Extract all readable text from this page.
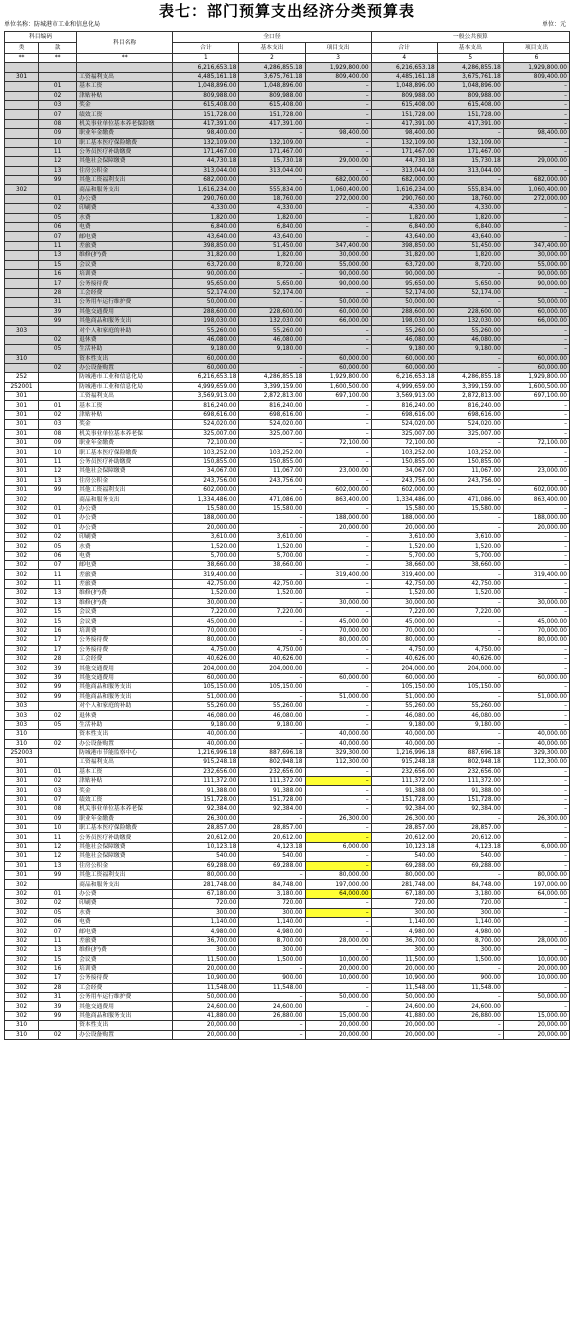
表七：部门预算支出经济分类预算表
单位名称：防城港市工业和信息化局	单位：元
科目编码		科目名称	全口径			一般公共预算		
类	款		合计	基本支出	项目支出	合计	基本支出	项目支出
**	**	**	1	2	3	4	5	6
			6,216,653.18	4,286,855.18	1,929,800.00	6,216,653.18	4,286,855.18	1,929,800.00
301		工资福利支出	4,485,161.18	3,675,761.18	809,400.00	4,485,161.18	3,675,761.18	809,400.00
	01	基本工资	1,048,896.00	1,048,896.00	–	1,048,896.00	1,048,896.00	–
	02	津贴补贴	809,988.00	809,988.00	–	809,988.00	809,988.00	–
	03	奖金	615,408.00	615,408.00	–	615,408.00	615,408.00	–
	07	绩效工资	151,728.00	151,728.00	–	151,728.00	151,728.00	–
	08	机关事业单位基本养老保险缴	417,391.00	417,391.00	–	417,391.00	417,391.00	–
	09	职业年金缴费	98,400.00	–	98,400.00	98,400.00	–	98,400.00
	10	职工基本医疗保险缴费	132,109.00	132,109.00	–	132,109.00	132,109.00	–
	11	公务员医疗补助缴费	171,467.00	171,467.00	–	171,467.00	171,467.00	–
	12	其他社会保障缴费	44,730.18	15,730.18	29,000.00	44,730.18	15,730.18	29,000.00
	13	住房公积金	313,044.00	313,044.00	–	313,044.00	313,044.00	–
	99	其他工资福利支出	682,000.00	–	682,000.00	682,000.00	–	682,000.00
302		商品和服务支出	1,616,234.00	555,834.00	1,060,400.00	1,616,234.00	555,834.00	1,060,400.00
	01	办公费	290,760.00	18,760.00	272,000.00	290,760.00	18,760.00	272,000.00
	02	印刷费	4,330.00	4,330.00	–	4,330.00	4,330.00	–
	05	水费	1,820.00	1,820.00	–	1,820.00	1,820.00	–
	06	电费	6,840.00	6,840.00	–	6,840.00	6,840.00	–
	07	邮电费	43,640.00	43,640.00	–	43,640.00	43,640.00	–
	11	差旅费	398,850.00	51,450.00	347,400.00	398,850.00	51,450.00	347,400.00
	13	维修(护)费	31,820.00	1,820.00	30,000.00	31,820.00	1,820.00	30,000.00
	15	会议费	63,720.00	8,720.00	55,000.00	63,720.00	8,720.00	55,000.00
	16	培训费	90,000.00	–	90,000.00	90,000.00	–	90,000.00
	17	公务接待费	95,650.00	5,650.00	90,000.00	95,650.00	5,650.00	90,000.00
	28	工会经费	52,174.00	52,174.00	–	52,174.00	52,174.00	–
	31	公务用车运行维护费	50,000.00	–	50,000.00	50,000.00	–	50,000.00
	39	其他交通费用	288,600.00	228,600.00	60,000.00	288,600.00	228,600.00	60,000.00
	99	其他商品和服务支出	198,030.00	132,030.00	66,000.00	198,030.00	132,030.00	66,000.00
303		对个人和家庭的补助	55,260.00	55,260.00	–	55,260.00	55,260.00	–
	02	退休费	46,080.00	46,080.00	–	46,080.00	46,080.00	–
	05	生活补助	9,180.00	9,180.00	–	9,180.00	9,180.00	–
310		资本性支出	60,000.00	–	60,000.00	60,000.00	–	60,000.00
	02	办公设备购置	60,000.00	–	60,000.00	60,000.00	–	60,000.00
252		防城港市工业和信息化局	6,216,653.18	4,286,855.18	1,929,800.00	6,216,653.18	4,286,855.18	1,929,800.00
252001		防城港市工业和信息化局	4,999,659.00	3,399,159.00	1,600,500.00	4,999,659.00	3,399,159.00	1,600,500.00
301		工资福利支出	3,569,913.00	2,872,813.00	697,100.00	3,569,913.00	2,872,813.00	697,100.00
301	01	基本工资	816,240.00	816,240.00	–	816,240.00	816,240.00	–
301	02	津贴补贴	698,616.00	698,616.00	–	698,616.00	698,616.00	–
301	03	奖金	524,020.00	524,020.00	–	524,020.00	524,020.00	–
301	08	机关事业单位基本养老保	325,007.00	325,007.00	–	325,007.00	325,007.00	–
301	09	职业年金缴费	72,100.00	–	72,100.00	72,100.00	–	72,100.00
301	10	职工基本医疗保险缴费	103,252.00	103,252.00	–	103,252.00	103,252.00	–
301	11	公务员医疗补助缴费	150,855.00	150,855.00	–	150,855.00	150,855.00	–
301	12	其他社会保障缴费	34,067.00	11,067.00	23,000.00	34,067.00	11,067.00	23,000.00
301	13	住房公积金	243,756.00	243,756.00	–	243,756.00	243,756.00	–
301	99	其他工资福利支出	602,000.00	–	602,000.00	602,000.00	–	602,000.00
302		商品和服务支出	1,334,486.00	471,086.00	863,400.00	1,334,486.00	471,086.00	863,400.00
302	01	办公费	15,580.00	15,580.00	–	15,580.00	15,580.00	–
302	01	办公费	188,000.00	–	188,000.00	188,000.00	–	188,000.00
302	01	办公费	20,000.00	–	20,000.00	20,000.00	–	20,000.00
302	02	印刷费	3,610.00	3,610.00	–	3,610.00	3,610.00	–
302	05	水费	1,520.00	1,520.00	–	1,520.00	1,520.00	–
302	06	电费	5,700.00	5,700.00	–	5,700.00	5,700.00	–
302	07	邮电费	38,660.00	38,660.00	–	38,660.00	38,660.00	–
302	11	差旅费	319,400.00	–	319,400.00	319,400.00	–	319,400.00
302	11	差旅费	42,750.00	42,750.00	–	42,750.00	42,750.00	–
302	13	维修(护)费	1,520.00	1,520.00	–	1,520.00	1,520.00	–
302	13	维修(护)费	30,000.00	–	30,000.00	30,000.00	–	30,000.00
302	15	会议费	7,220.00	7,220.00	–	7,220.00	7,220.00	–
302	15	会议费	45,000.00	–	45,000.00	45,000.00	–	45,000.00
302	16	培训费	70,000.00	–	70,000.00	70,000.00	–	70,000.00
302	17	公务接待费	80,000.00	–	80,000.00	80,000.00	–	80,000.00
302	17	公务接待费	4,750.00	4,750.00	–	4,750.00	4,750.00	–
302	28	工会经费	40,626.00	40,626.00	–	40,626.00	40,626.00	–
302	39	其他交通费用	204,000.00	204,000.00	–	204,000.00	204,000.00	–
302	39	其他交通费用	60,000.00	–	60,000.00	60,000.00	–	60,000.00
302	99	其他商品和服务支出	105,150.00	105,150.00	–	105,150.00	105,150.00	–
302	99	其他商品和服务支出	51,000.00	–	51,000.00	51,000.00	–	51,000.00
303		对个人和家庭的补助	55,260.00	55,260.00	–	55,260.00	55,260.00	–
303	02	退休费	46,080.00	46,080.00	–	46,080.00	46,080.00	–
303	05	生活补助	9,180.00	9,180.00	–	9,180.00	9,180.00	–
310		资本性支出	40,000.00	–	40,000.00	40,000.00	–	40,000.00
310	02	办公设备购置	40,000.00	–	40,000.00	40,000.00	–	40,000.00
252003		防城港市节能监察中心	1,216,996.18	887,696.18	329,300.00	1,216,996.18	887,696.18	329,300.00
301		工资福利支出	915,248.18	802,948.18	112,300.00	915,248.18	802,948.18	112,300.00
301	01	基本工资	232,656.00	232,656.00	–	232,656.00	232,656.00	–
301	02	津贴补贴	111,372.00	111,372.00	–	111,372.00	111,372.00	–
301	03	奖金	91,388.00	91,388.00	–	91,388.00	91,388.00	–
301	07	绩效工资	151,728.00	151,728.00	–	151,728.00	151,728.00	–
301	08	机关事业单位基本养老保	92,384.00	92,384.00	–	92,384.00	92,384.00	–
301	09	职业年金缴费	26,300.00	–	26,300.00	26,300.00	–	26,300.00
301	10	职工基本医疗保险缴费	28,857.00	28,857.00	–	28,857.00	28,857.00	–
301	11	公务员医疗补助缴费	20,612.00	20,612.00	–	20,612.00	20,612.00	–
301	12	其他社会保障缴费	10,123.18	4,123.18	6,000.00	10,123.18	4,123.18	6,000.00
301	12	其他社会保障缴费	540.00	540.00	–	540.00	540.00	–
301	13	住房公积金	69,288.00	69,288.00	–	69,288.00	69,288.00	–
301	99	其他工资福利支出	80,000.00	–	80,000.00	80,000.00	–	80,000.00
302		商品和服务支出	281,748.00	84,748.00	197,000.00	281,748.00	84,748.00	197,000.00
302	01	办公费	67,180.00	3,180.00	64,000.00	67,180.00	3,180.00	64,000.00
302	02	印刷费	720.00	720.00	–	720.00	720.00	–
302	05	水费	300.00	300.00	–	300.00	300.00	–
302	06	电费	1,140.00	1,140.00	–	1,140.00	1,140.00	–
302	07	邮电费	4,980.00	4,980.00	–	4,980.00	4,980.00	–
302	11	差旅费	36,700.00	8,700.00	28,000.00	36,700.00	8,700.00	28,000.00
302	13	维修(护)费	300.00	300.00	–	300.00	300.00	–
302	15	会议费	11,500.00	1,500.00	10,000.00	11,500.00	1,500.00	10,000.00
302	16	培训费	20,000.00	–	20,000.00	20,000.00	–	20,000.00
302	17	公务接待费	10,900.00	900.00	10,000.00	10,900.00	900.00	10,000.00
302	28	工会经费	11,548.00	11,548.00	–	11,548.00	11,548.00	–
302	31	公务用车运行维护费	50,000.00	–	50,000.00	50,000.00	–	50,000.00
302	39	其他交通费用	24,600.00	24,600.00	–	24,600.00	24,600.00	–
302	99	其他商品和服务支出	41,880.00	26,880.00	15,000.00	41,880.00	26,880.00	15,000.00
310		资本性支出	20,000.00	–	20,000.00	20,000.00	–	20,000.00
310	02	办公设备购置	20,000.00	–	20,000.00	20,000.00	–	20,000.00
